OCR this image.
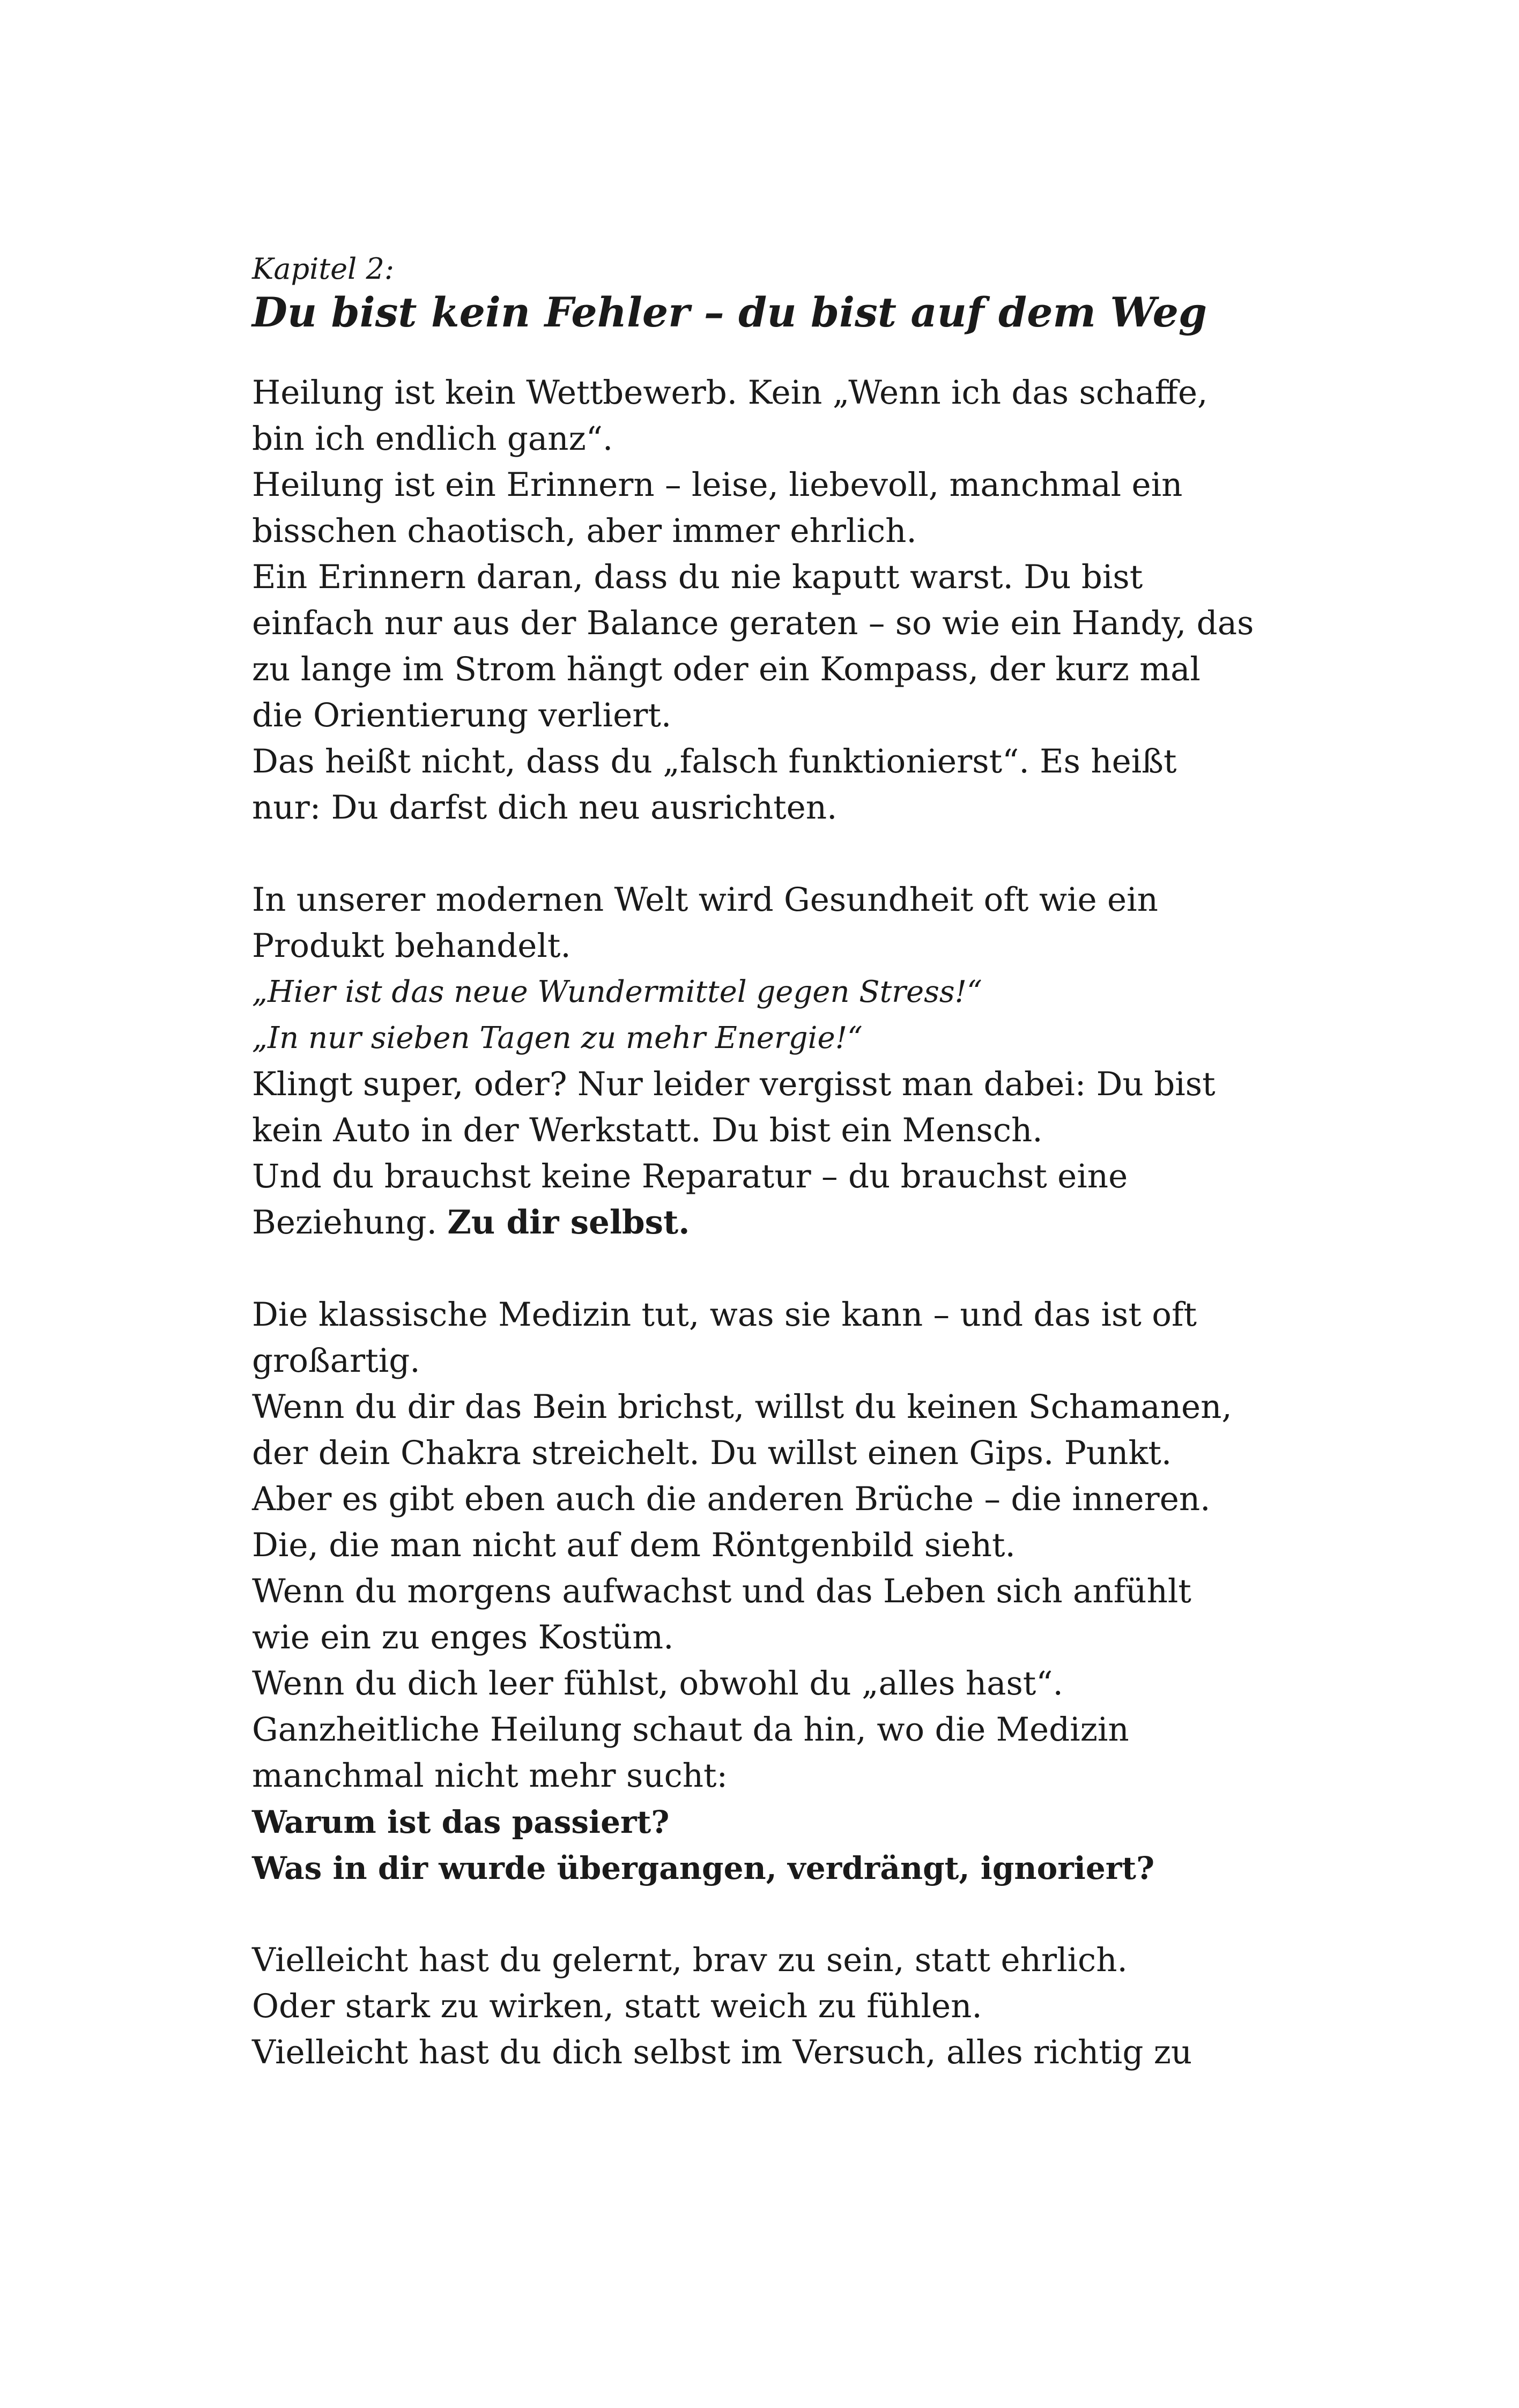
Kapitel 2:

Du bist kein Fehler – du bist auf dem Weg
Heilung ist kein Wettbewerb. Kein „Wenn ich das schaffe,
bin ich endlich ganz“.
Heilung ist ein Erinnern – leise, liebevoll, manchmal ein
bisschen chaotisch, aber immer ehrlich.
Ein Erinnern daran, dass du nie kaputt warst. Du bist
einfach nur aus der Balance geraten – so wie ein Handy, das
zu lange im Strom hängt oder ein Kompass, der kurz mal
die Orientierung verliert.
Das heißt nicht, dass du „falsch funktionierst“. Es heißt
nur: Du darfst dich neu ausrichten.
In unserer modernen Welt wird Gesundheit oft wie ein
Produkt behandelt.
„Hier ist das neue Wundermittel gegen Stress!“
„In nur sieben Tagen zu mehr Energie!“
Klingt super, oder? Nur leider vergisst man dabei: Du bist
kein Auto in der Werkstatt. Du bist ein Mensch.
Und du brauchst keine Reparatur – du brauchst eine
Beziehung. Zu dir selbst.
Die klassische Medizin tut, was sie kann – und das ist oft
großartig.
Wenn du dir das Bein brichst, willst du keinen Schamanen,
der dein Chakra streichelt. Du willst einen Gips. Punkt.
Aber es gibt eben auch die anderen Brüche – die inneren.
Die, die man nicht auf dem Röntgenbild sieht.
Wenn du morgens aufwachst und das Leben sich anfühlt
wie ein zu enges Kostüm.
Wenn du dich leer fühlst, obwohl du „alles hast“.
Ganzheitliche Heilung schaut da hin, wo die Medizin
manchmal nicht mehr sucht:
Warum ist das passiert?
Was in dir wurde übergangen, verdrängt, ignoriert?
Vielleicht hast du gelernt, brav zu sein, statt ehrlich.
Oder stark zu wirken, statt weich zu fühlen.
Vielleicht hast du dich selbst im Versuch, alles richtig zu
